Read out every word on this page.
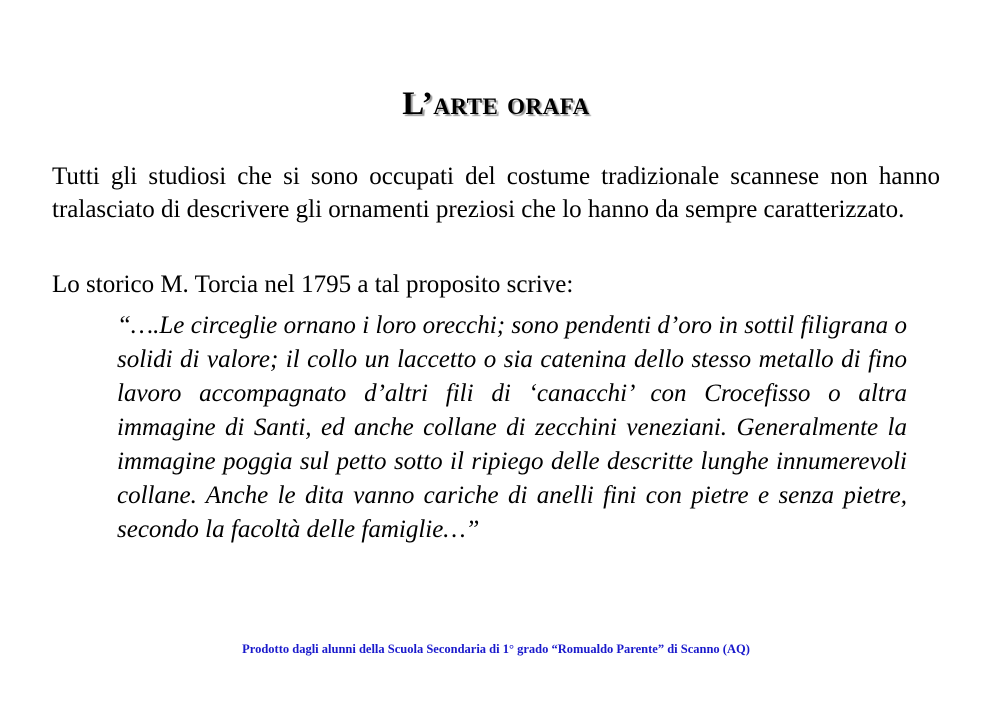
L’arte orafa

Tutti gli studiosi che si sono occupati del costume tradizionale scannese non hanno tralasciato di descrivere gli ornamenti preziosi che lo hanno da sempre caratterizzato.

Lo storico M. Torcia nel 1795 a tal proposito scrive:

“….Le circeglie ornano i loro orecchi; sono pendenti d’oro in sottil filigrana o solidi di valore; il collo un laccetto o sia catenina dello stesso metallo di fino lavoro accompagnato d’altri fili di ‘canacchi’ con Crocefisso o altra immagine di Santi, ed anche collane di zecchini veneziani. Generalmente la immagine poggia sul petto sotto il ripiego delle descritte lunghe innumerevoli collane. Anche le dita vanno cariche di anelli fini con pietre e senza pietre, secondo la facoltà delle famiglie…”

Prodotto dagli alunni della Scuola Secondaria di 1° grado “Romualdo Parente” di Scanno (AQ)
